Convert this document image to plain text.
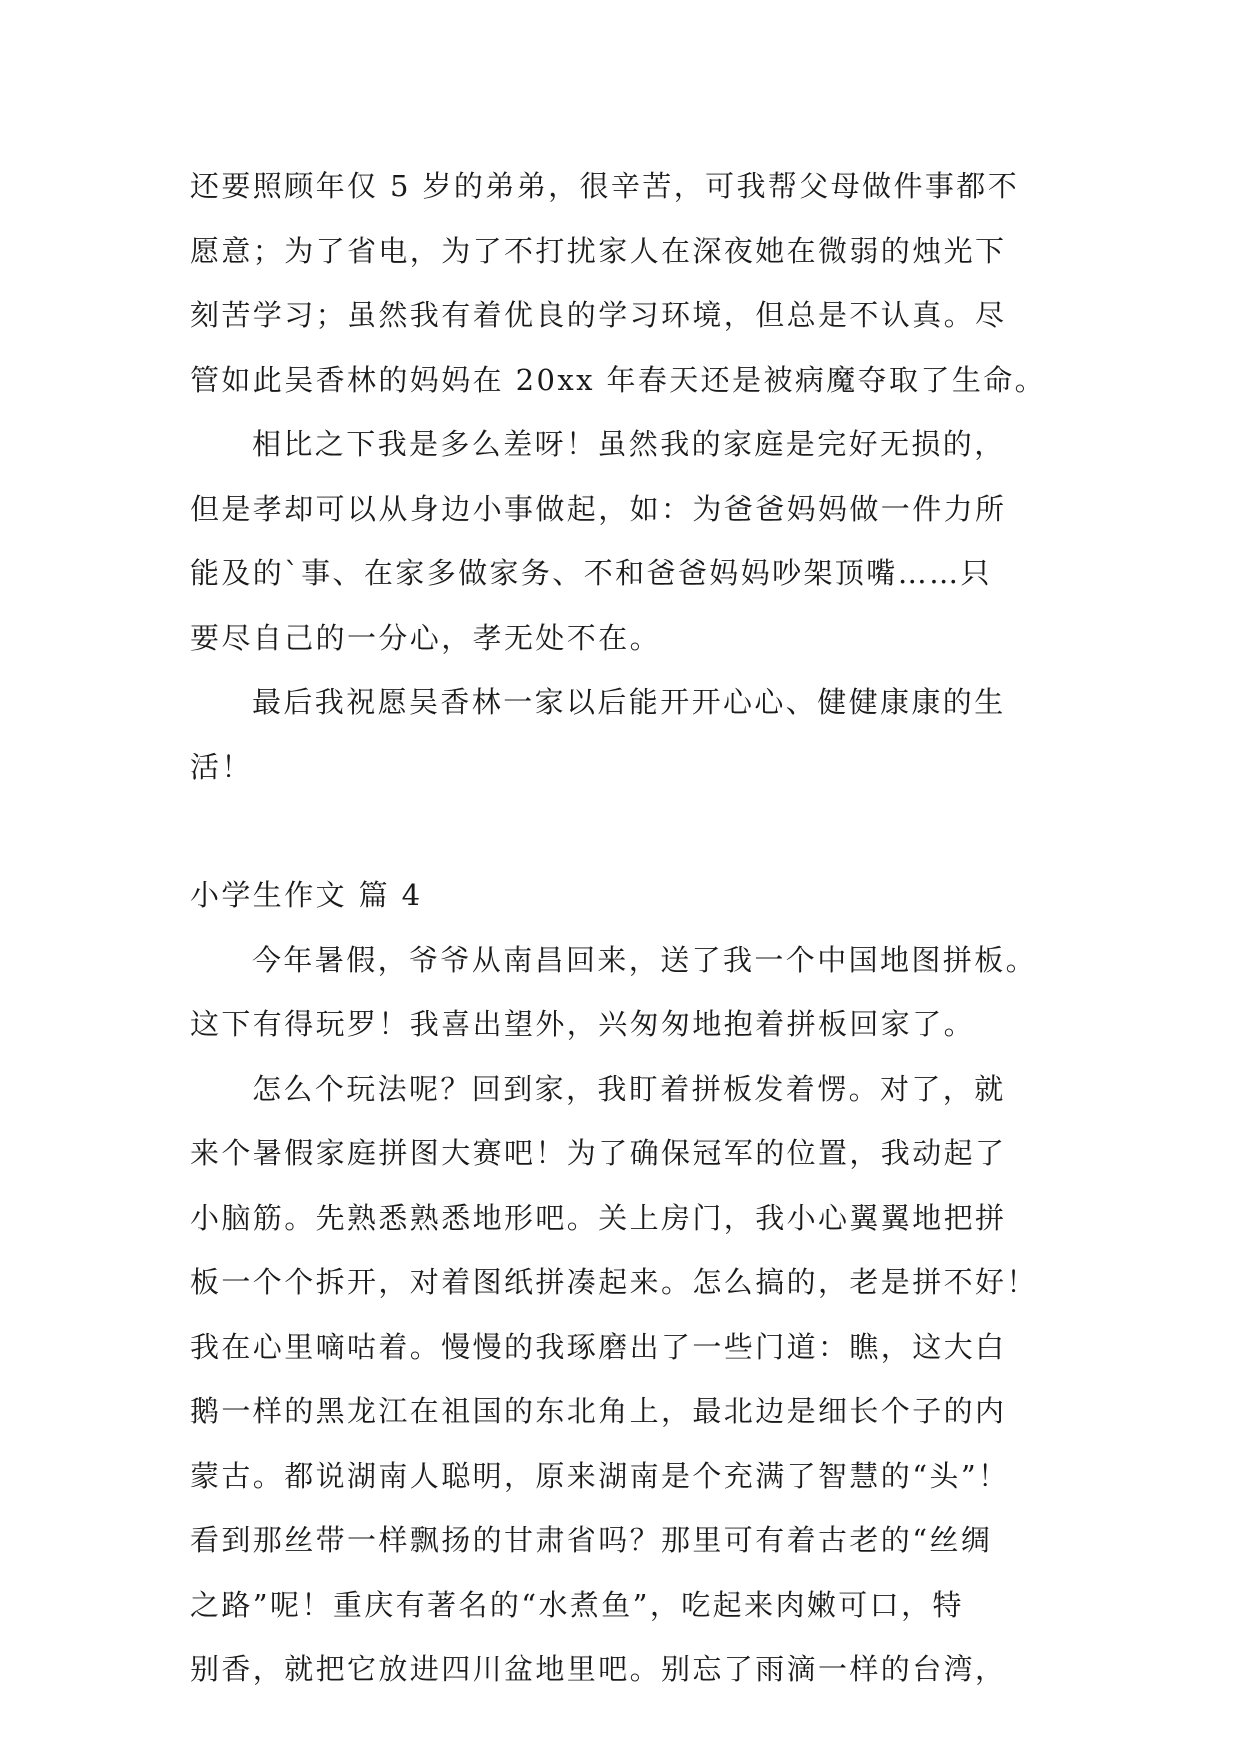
还要照顾年仅 5 岁的弟弟，很辛苦，可我帮父母做件事都不
愿意；为了省电，为了不打扰家人在深夜她在微弱的烛光下
刻苦学习；虽然我有着优良的学习环境，但总是不认真。尽
管如此吴香林的妈妈在 20xx 年春天还是被病魔夺取了生命。

相比之下我是多么差呀！虽然我的家庭是完好无损的，
但是孝却可以从身边小事做起，如：为爸爸妈妈做一件力所
能及的`事、在家多做家务、不和爸爸妈妈吵架顶嘴……只
要尽自己的一分心，孝无处不在。

最后我祝愿吴香林一家以后能开开心心、健健康康的生
活！

小学生作文 篇 4

今年暑假，爷爷从南昌回来，送了我一个中国地图拼板。
这下有得玩罗！我喜出望外，兴匆匆地抱着拼板回家了。

怎么个玩法呢？回到家，我盯着拼板发着愣。对了，就
来个暑假家庭拼图大赛吧！为了确保冠军的位置，我动起了
小脑筋。先熟悉熟悉地形吧。关上房门，我小心翼翼地把拼
板一个个拆开，对着图纸拼凑起来。怎么搞的，老是拼不好！
我在心里嘀咕着。慢慢的我琢磨出了一些门道：瞧，这大白
鹅一样的黑龙江在祖国的东北角上，最北边是细长个子的内
蒙古。都说湖南人聪明，原来湖南是个充满了智慧的“头”！
看到那丝带一样飘扬的甘肃省吗？那里可有着古老的“丝绸
之路”呢！重庆有著名的“水煮鱼”，吃起来肉嫩可口，特
别香，就把它放进四川盆地里吧。别忘了雨滴一样的台湾，
